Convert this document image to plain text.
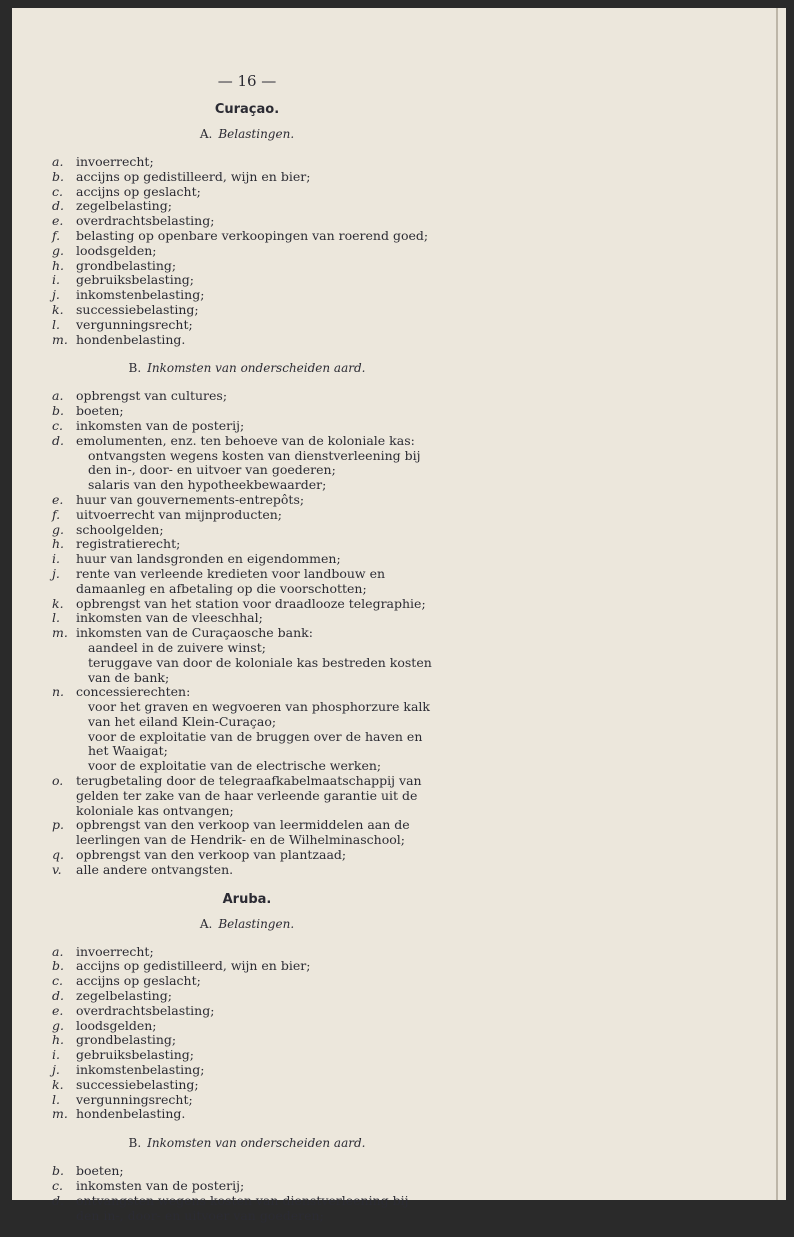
— 16 —
Curaçao.
A. Belastingen.
a.	invoerrecht;
b. accijns op gedistilleerd, wijn en bier;
c.	accijns op geslacht;
d. zegelbelasting;
e.	overdrachtsbelasting;
f.	belasting op openbare verkoopingen van roerend goed;
g. loodsgelden;
h. grondbelasting;
i.	gebruiksbelasting;
j.	inkomstenbelasting;
k. successiebelasting;
l.	vergunningsrecht;
m. hondenbelasting.
B. Inkomsten van onderscheiden aard.
a.	opbrengst van cultures;
b. boeten;
c.	inkomsten van de posterij;
d. emolumenten, enz. ten behoeve van de koloniale kas:
ontvangsten wegens kosten van dienstverleening bij den in-, door- en uitvoer van goederen;
salaris van den hypotheekbewaarder;
e.	huur van gouvernements-entrepôts;
f.	uitvoerrecht van mijnproducten;
g. schoolgelden;
h. registratierecht;
i.	huur van landsgronden en eigendommen;
j.	rente van verleende kredieten voor landbouw en damaanleg en afbetaling op die voorschotten;
k. opbrengst van het station voor draadlooze telegraphie;
l.	inkomsten van de vleeschhal;
m. inkomsten van de Curaçaosche bank:
aandeel in de zuivere winst;
teruggave van door de koloniale kas bestreden kosten van de bank;
n. concessierechten:
voor het graven en wegvoeren van phosphorzure kalk van het eiland Klein-Curaçao;
voor de exploitatie van de bruggen over de haven en het Waaigat;
voor de exploitatie van de electrische werken;
o.	terugbetaling door de telegraafkabelmaatschappij van gelden ter zake van de haar verleende garantie uit de koloniale kas ontvangen;
p. opbrengst van den verkoop van leermiddelen aan de leerlingen van de Hendrik- en de Wilhelminaschool;
q. opbrengst van den verkoop van plantzaad;
v.	alle andere ontvangsten.
Aruba.
A. Belastingen.
a.	invoerrecht;
b. accijns op gedistilleerd, wijn en bier;
c.	accijns op geslacht;
d. zegelbelasting;
e.	overdrachtsbelasting;
g. loodsgelden;
h. grondbelasting;
i.	gebruiksbelasting;
j.	inkomstenbelasting;
k. successiebelasting;
l.	vergunningsrecht;
m. hondenbelasting.
B. Inkomsten van onderscheiden aard.
b. boeten;
c.	inkomsten van de posterij;
d. ontvangsten wegens kosten van dienstverleening bij den in-, door- en uitvoer van goederen;
